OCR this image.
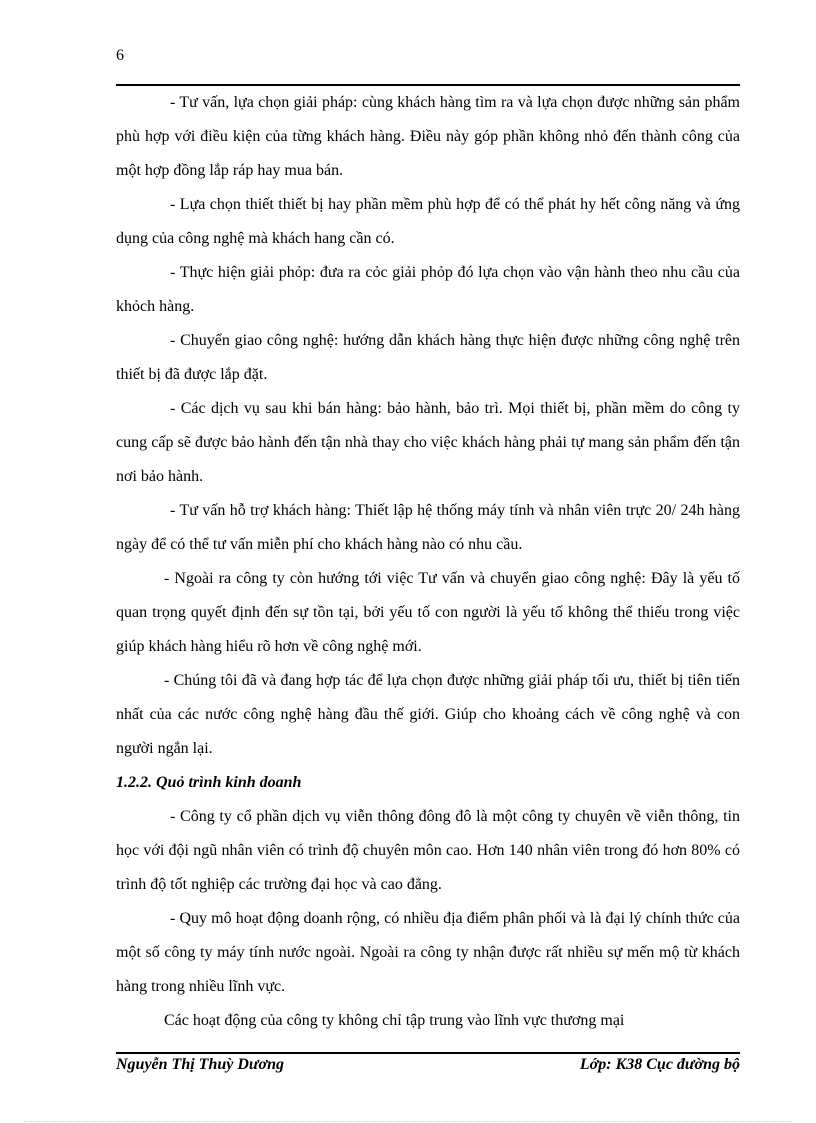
6

- Tư vấn, lựa chọn giải pháp: cùng khách hàng tìm ra và lựa chọn được những sản phẩm phù hợp với điều kiện của từng khách hàng. Điều này góp phần không nhỏ đến thành công của một hợp đồng lắp ráp hay mua bán.

- Lựa chọn thiết thiết bị hay phần mềm phù hợp để có thể phát hy hết công năng và ứng dụng của công nghệ mà khách hang cần có.

- Thực hiện giải phỏp: đưa ra cỏc giải phỏp đó lựa chọn vào vận hành theo nhu cầu của khỏch hàng.

- Chuyển giao công nghệ: hướng dẫn khách hàng thực hiện được những công nghệ trên thiết bị đã được lắp đặt.

- Các dịch vụ sau khi bán hàng: bảo hành, bảo trì. Mọi thiết bị, phần mềm do công ty cung cấp sẽ được bảo hành đến tận nhà thay cho việc khách hàng phải tự mang sản phẩm đến tận nơi bảo hành.

- Tư vấn hỗ trợ khách hàng: Thiết lập hệ thống máy tính và nhân viên trực 20/ 24h hàng ngày để có thể tư vấn miễn phí cho khách hàng nào có nhu cầu.

- Ngoài ra công ty còn hướng tới việc Tư vấn và chuyển giao công nghệ: Đây là yếu tố quan trọng quyết định đến sự tồn tại, bởi yếu tố con người là yếu tố không thể thiếu trong việc giúp khách hàng hiểu rõ hơn về công nghệ mới.

- Chúng tôi đã và đang hợp tác để lựa chọn được những giải pháp tối ưu, thiết bị tiên tiến nhất của các nước công nghệ hàng đầu thế giới. Giúp cho khoảng cách về công nghệ và con người ngắn lại.

1.2.2. Quỏ trình kinh doanh

- Công ty cổ phần dịch vụ viễn thông đông đô là một công ty chuyên về viễn thông, tin học với đội ngũ nhân viên có trình độ chuyên môn cao. Hơn 140 nhân viên trong đó hơn 80% có trình độ tốt nghiệp các trường đại học và cao đẳng.

- Quy mô hoạt động doanh rộng, có nhiều địa điểm phân phối và là đại lý chính thức của một số công ty máy tính nước ngoài. Ngoài ra công ty nhận được rất nhiều sự mến mộ từ khách hàng trong nhiều lĩnh vực.

Các hoạt động của công ty không chỉ tập trung vào lĩnh vực thương mại

Nguyễn Thị Thuỳ Dương	Lớp: K38 Cục đường bộ
